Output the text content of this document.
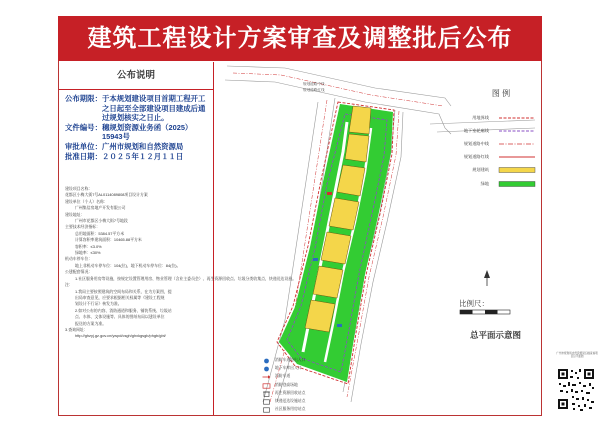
建筑工程设计方案审查及调整批后公布
公布说明
公布期限： 于本规划建设项目首期工程开工之日起至全部建设项目建成后通过规划核实之日止。
文件编号： 穗规划资源业务函（2025）15943号
审批单位： 广州市规划和自然资源局
批准日期： ２０２５年１２月１１日
建设项目名称：
花都区小梅大街7号AL0114089808项目设计方案
建设单位（个人）名称：
广州集信房地产开发有限公司
建设地址：
广州市花都区小梅大街7号地段
主要技术经济指标：
总用地面积：5384.57平方米
计算容积率建筑面积：10465.88平方米
容积率：≤3.0%
绿地率：≤30%
机动车停车位：
地上非机动车停车位：104(位)，地下机动车停车位：84(位)。
公建配套情况：
1.社区服务用房等设施，按规定设置管理用房、物业管理（含业主委员会）、再生资源回收点、垃圾分类收集点，快递送达设施。
注：
1.我局主要按照建筑的空间布局和关系，在为方案图，提
出局审查意见，应要求根据相关权属等《建设工程规
划设计不行证》核发为准。
2.如对公布的内容、消防通道和服务、铺装系统、垃圾站
点、水体、文体设施等、具体的图纸布局以建设单位
报送的方案为准。
3.查询网址：
http://ghzyj.gz.gov.cn/ywpd/csgh/ghxkgsgb/phgb/gbt/
规划道路中线
规划道路红线	图 例
用地界线
地下室轮廓线
规划道路中线
规划道路红线
规划建筑
绿地
比例尺：
总平面示意图
消防车道路出入口
地下车库出入口
消防车道
消防登高场地
再生资源回收站点
快递送达设施站点
社区服务用房站点
广州市规划和自然资源局扫描查看项目总平面图
